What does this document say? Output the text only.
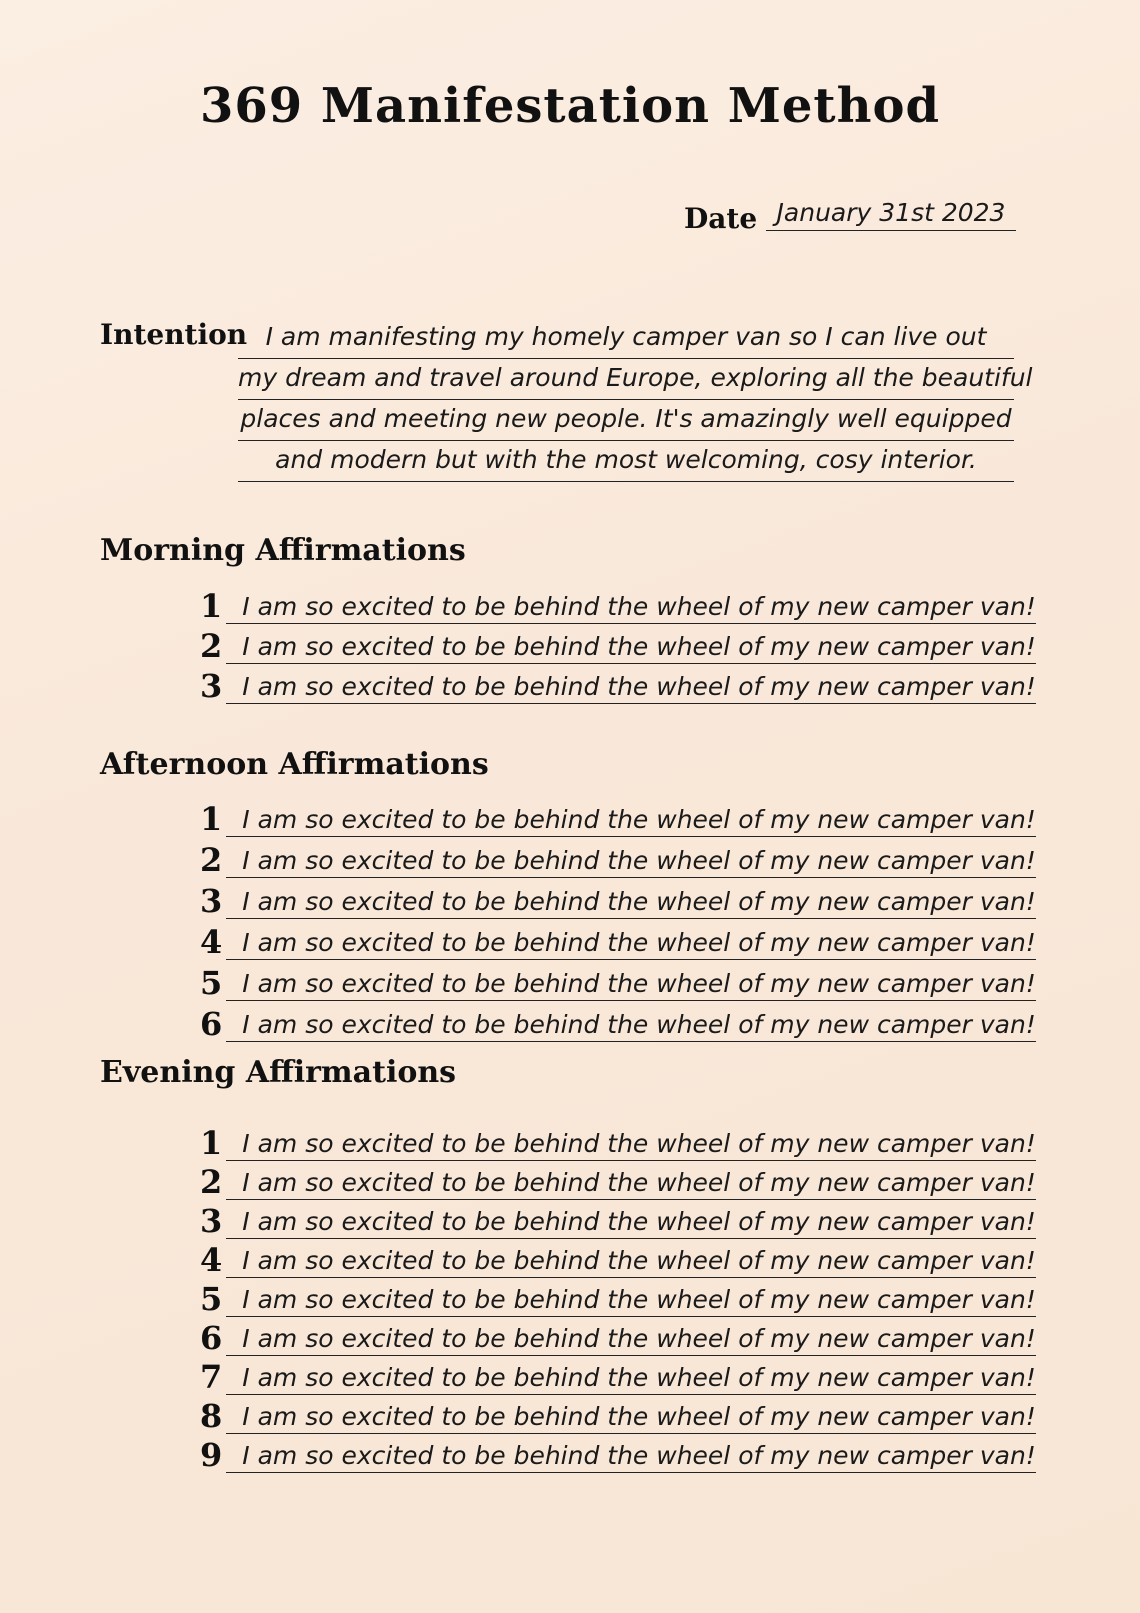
369 Manifestation Method
Date January 31st 2023
Intention I am manifesting my homely camper van so I can live out
my dream and travel around Europe, exploring all the beautiful
places and meeting new people. It's amazingly well equipped
and modern but with the most welcoming, cosy interior.
Morning Affirmations
1 I am so excited to be behind the wheel of my new camper van!
2 I am so excited to be behind the wheel of my new camper van!
3 I am so excited to be behind the wheel of my new camper van!
Afternoon Affirmations
1 I am so excited to be behind the wheel of my new camper van!
2 I am so excited to be behind the wheel of my new camper van!
3 I am so excited to be behind the wheel of my new camper van!
4 I am so excited to be behind the wheel of my new camper van!
5 I am so excited to be behind the wheel of my new camper van!
6 I am so excited to be behind the wheel of my new camper van!
Evening Affirmations
1 I am so excited to be behind the wheel of my new camper van!
2 I am so excited to be behind the wheel of my new camper van!
3 I am so excited to be behind the wheel of my new camper van!
4 I am so excited to be behind the wheel of my new camper van!
5 I am so excited to be behind the wheel of my new camper van!
6 I am so excited to be behind the wheel of my new camper van!
7 I am so excited to be behind the wheel of my new camper van!
8 I am so excited to be behind the wheel of my new camper van!
9 I am so excited to be behind the wheel of my new camper van!
